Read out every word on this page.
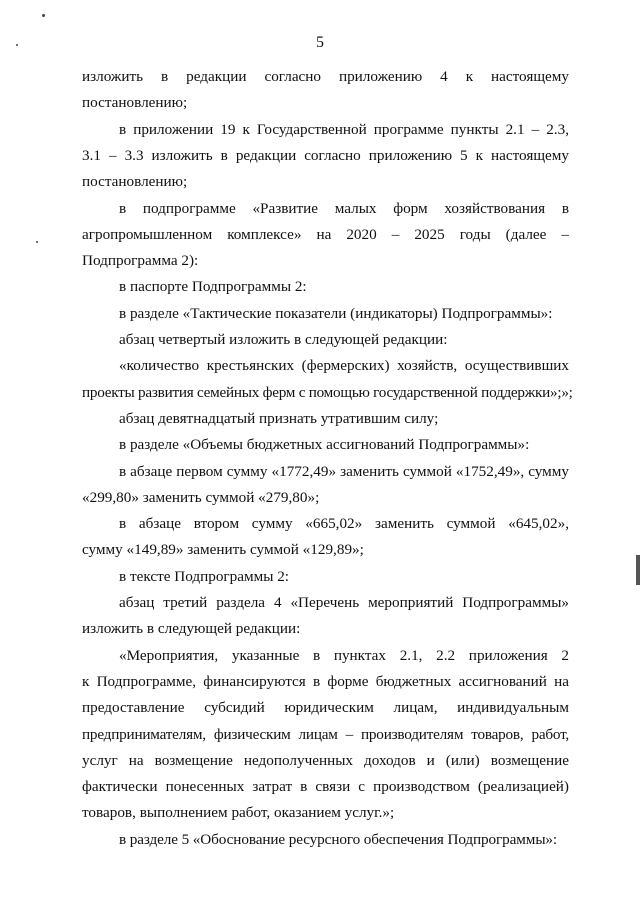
5
изложить в редакции согласно приложению 4 к настоящему
постановлению;
в приложении 19 к Государственной программе пункты 2.1 – 2.3,
3.1 – 3.3 изложить в редакции согласно приложению 5 к настоящему
постановлению;
в подпрограмме «Развитие малых форм хозяйствования в
агропромышленном комплексе» на 2020 – 2025 годы (далее –
Подпрограмма 2):
в паспорте Подпрограммы 2:
в разделе «Тактические показатели (индикаторы) Подпрограммы»:
абзац четвертый изложить в следующей редакции:
«количество крестьянских (фермерских) хозяйств, осуществивших
проекты развития семейных ферм с помощью государственной поддержки»;»;
абзац девятнадцатый признать утратившим силу;
в разделе «Объемы бюджетных ассигнований Подпрограммы»:
в абзаце первом сумму «1772,49» заменить суммой «1752,49», сумму
«299,80» заменить суммой «279,80»;
в абзаце втором сумму «665,02» заменить суммой «645,02»,
сумму «149,89» заменить суммой «129,89»;
в тексте Подпрограммы 2:
абзац третий раздела 4 «Перечень мероприятий Подпрограммы»
изложить в следующей редакции:
«Мероприятия, указанные в пунктах 2.1, 2.2 приложения 2
к Подпрограмме, финансируются в форме бюджетных ассигнований на
предоставление субсидий юридическим лицам, индивидуальным
предпринимателям, физическим лицам – производителям товаров, работ,
услуг на возмещение недополученных доходов и (или) возмещение
фактически понесенных затрат в связи с производством (реализацией)
товаров, выполнением работ, оказанием услуг.»;
в разделе 5 «Обоснование ресурсного обеспечения Подпрограммы»:
